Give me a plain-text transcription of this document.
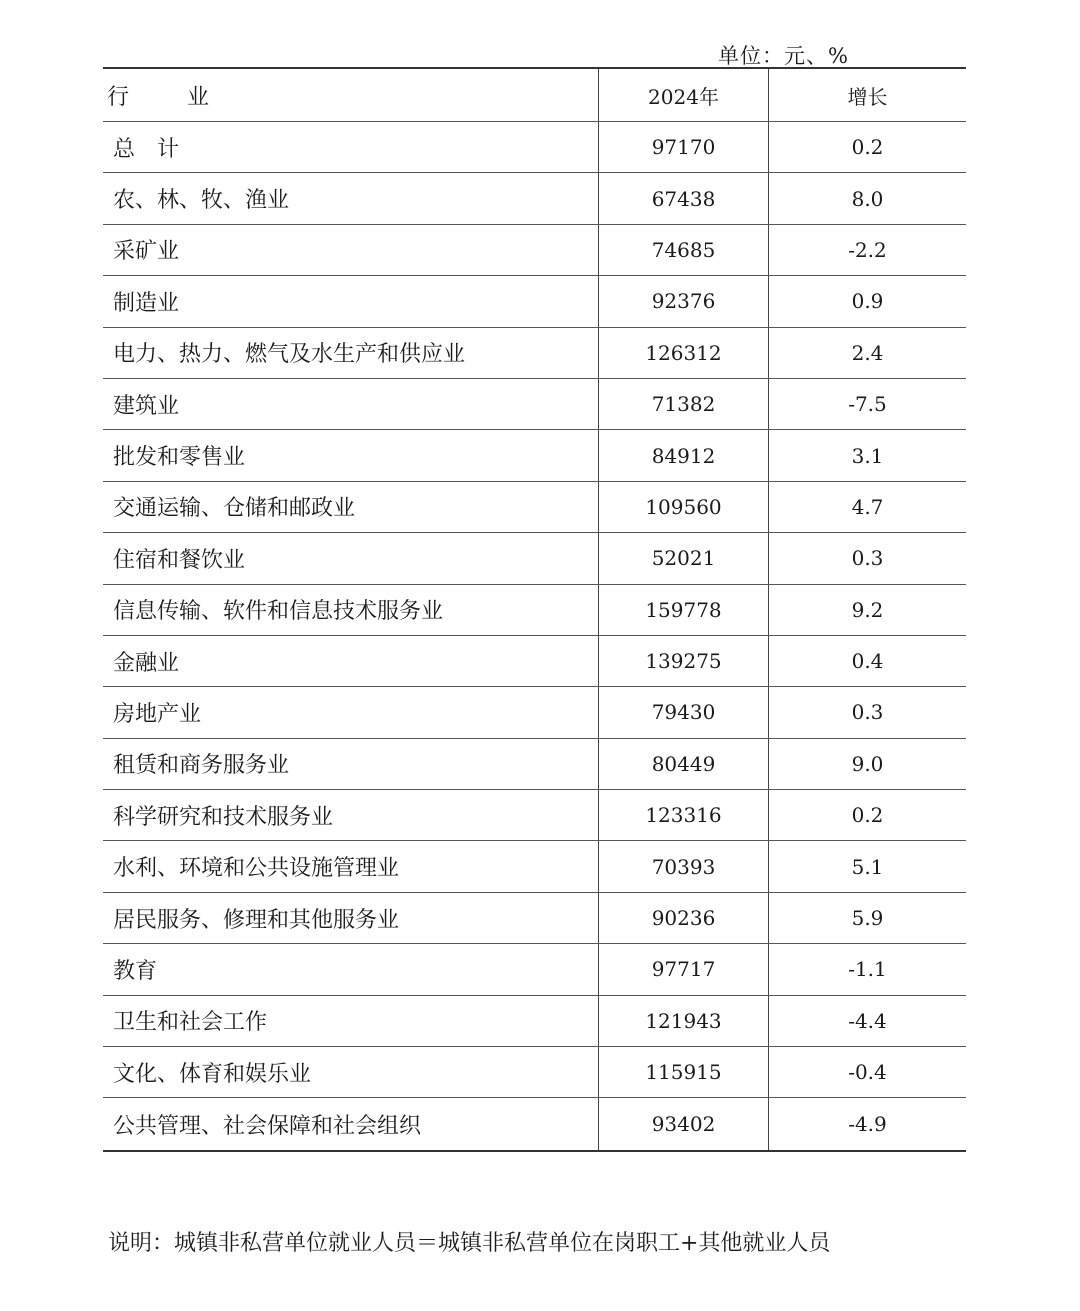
单位：元、%
行　业	2024年	增长
总　计	97170	0.2
农、林、牧、渔业	67438	8.0
采矿业	74685	-2.2
制造业	92376	0.9
电力、热力、燃气及水生产和供应业	126312	2.4
建筑业	71382	-7.5
批发和零售业	84912	3.1
交通运输、仓储和邮政业	109560	4.7
住宿和餐饮业	52021	0.3
信息传输、软件和信息技术服务业	159778	9.2
金融业	139275	0.4
房地产业	79430	0.3
租赁和商务服务业	80449	9.0
科学研究和技术服务业	123316	0.2
水利、环境和公共设施管理业	70393	5.1
居民服务、修理和其他服务业	90236	5.9
教育	97717	-1.1
卫生和社会工作	121943	-4.4
文化、体育和娱乐业	115915	-0.4
公共管理、社会保障和社会组织	93402	-4.9
说明：城镇非私营单位就业人员＝城镇非私营单位在岗职工+其他就业人员
